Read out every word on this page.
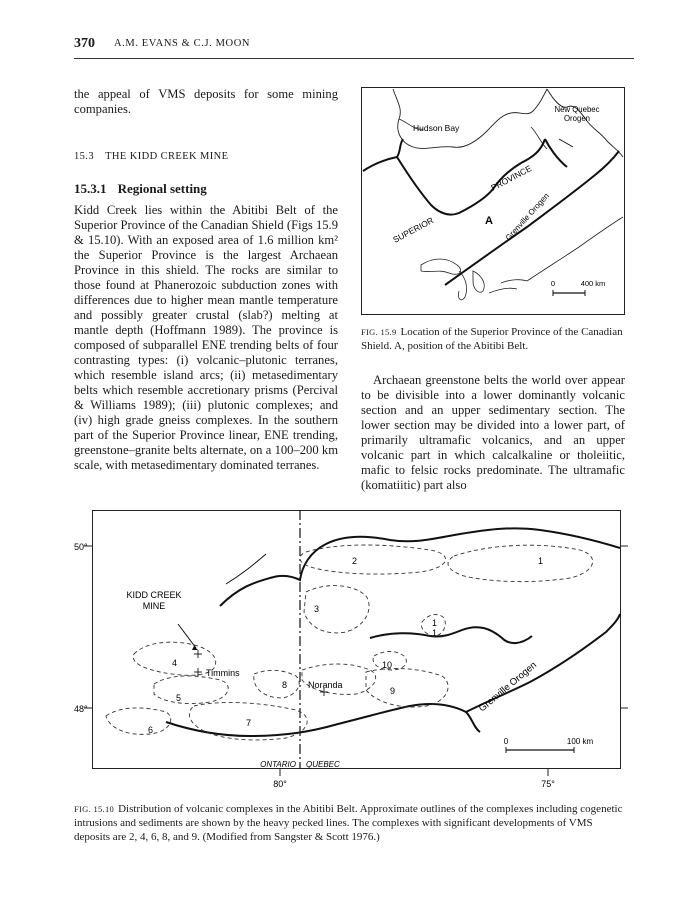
370 A.M. EVANS & C.J. MOON

the appeal of VMS deposits for some mining companies.

15.3 THE KIDD CREEK MINE
15.3.1 Regional setting

Kidd Creek lies within the Abitibi Belt of the Superior Province of the Canadian Shield (Figs 15.9 & 15.10). With an exposed area of 1.6 million km² the Superior Province is the largest Archaean Province in this shield. The rocks are similar to those found at Phanerozoic subduction zones with differences due to higher mean mantle temperature and possibly greater crustal (slab?) melting at mantle depth (Hoffmann 1989). The province is composed of subparallel ENE trending belts of four contrasting types: (i) volcanic–plutonic terranes, which resemble island arcs; (ii) metasedimentary belts which resemble accretionary prisms (Percival & Williams 1989); (iii) plutonic complexes; and (iv) high grade gneiss complexes. In the southern part of the Superior Province linear, ENE trending, greenstone–granite belts alternate, on a 100–200 km scale, with metasedimentary dominated terranes.

Hudson Bay
New Quebec
Orogen
SUPERIOR
PROVINCE
A Grenville Orogen
0	400 km
FIG. 15.9 Location of the Superior Province of the Canadian Shield. A, position of the Abitibi Belt.

Archaean greenstone belts the world over appear to be divisible into a lower dominantly volcanic section and an upper sedimentary section. The lower section may be divided into a lower part, of primarily ultramafic volcanics, and an upper volcanic part in which calcalkaline or tholeiitic, mafic to felsic rocks predominate. The ultramafic (komatiitic) part also

50°
48°
80°	75°
KIDD CREEK
MINE
Timmins
Noranda
ONTARIO QUEBEC
Grenville Orogen
0	100 km
1
1
1
2
3
4
5
6
7
8
9
10
FIG. 15.10 Distribution of volcanic complexes in the Abitibi Belt. Approximate outlines of the complexes including cogenetic intrusions and sediments are shown by the heavy pecked lines. The complexes with significant developments of VMS deposits are 2, 4, 6, 8, and 9. (Modified from Sangster & Scott 1976.)
